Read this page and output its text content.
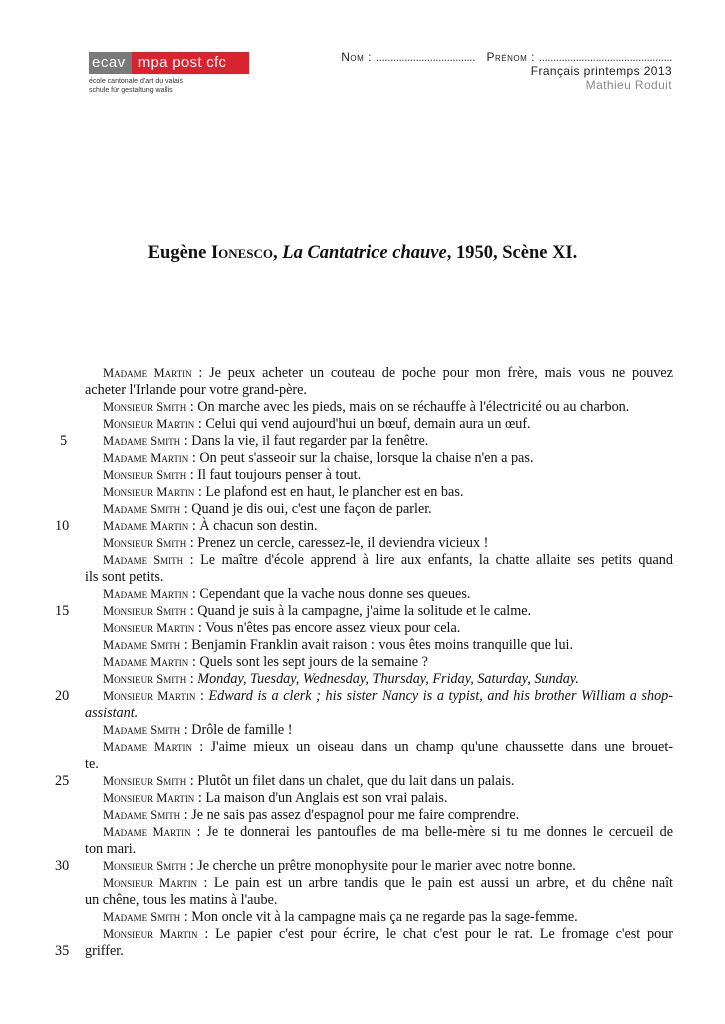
ecav mpa post cfc
école cantonale d'art du valais
schule für gestaltung wallis
Nom : ................................... Prénom : ...............................................
Français printemps 2013
Mathieu Roduit
Eugène Ionesco, La Cantatrice chauve, 1950, Scène XI.
Madame Martin : Je peux acheter un couteau de poche pour mon frère, mais vous ne pouvez
acheter l'Irlande pour votre grand-père.
Monsieur Smith : On marche avec les pieds, mais on se réchauffe à l'électricité ou au charbon.
Monsieur Martin : Celui qui vend aujourd'hui un bœuf, demain aura un œuf.
5	Madame Smith : Dans la vie, il faut regarder par la fenêtre.
Madame Martin : On peut s'asseoir sur la chaise, lorsque la chaise n'en a pas.
Monsieur Smith : Il faut toujours penser à tout.
Monsieur Martin : Le plafond est en haut, le plancher est en bas.
Madame Smith : Quand je dis oui, c'est une façon de parler.
10	Madame Martin : À chacun son destin.
Monsieur Smith : Prenez un cercle, caressez-le, il deviendra vicieux !
Madame Smith : Le maître d'école apprend à lire aux enfants, la chatte allaite ses petits quand
ils sont petits.
Madame Martin : Cependant que la vache nous donne ses queues.
15	Monsieur Smith : Quand je suis à la campagne, j'aime la solitude et le calme.
Monsieur Martin : Vous n'êtes pas encore assez vieux pour cela.
Madame Smith : Benjamin Franklin avait raison : vous êtes moins tranquille que lui.
Madame Martin : Quels sont les sept jours de la semaine ?
Monsieur Smith : Monday, Tuesday, Wednesday, Thursday, Friday, Saturday, Sunday.
20	Monsieur Martin : Edward is a clerk ; his sister Nancy is a typist, and his brother William a shop-
assistant.
Madame Smith : Drôle de famille !
Madame Martin : J'aime mieux un oiseau dans un champ qu'une chaussette dans une brouet-
te.
25	Monsieur Smith : Plutôt un filet dans un chalet, que du lait dans un palais.
Monsieur Martin : La maison d'un Anglais est son vrai palais.
Madame Smith : Je ne sais pas assez d'espagnol pour me faire comprendre.
Madame Martin : Je te donnerai les pantoufles de ma belle-mère si tu me donnes le cercueil de
ton mari.
30	Monsieur Smith : Je cherche un prêtre monophysite pour le marier avec notre bonne.
Monsieur Martin : Le pain est un arbre tandis que le pain est aussi un arbre, et du chêne naît
un chêne, tous les matins à l'aube.
Madame Smith : Mon oncle vit à la campagne mais ça ne regarde pas la sage-femme.
Monsieur Martin : Le papier c'est pour écrire, le chat c'est pour le rat. Le fromage c'est pour
35	griffer.
